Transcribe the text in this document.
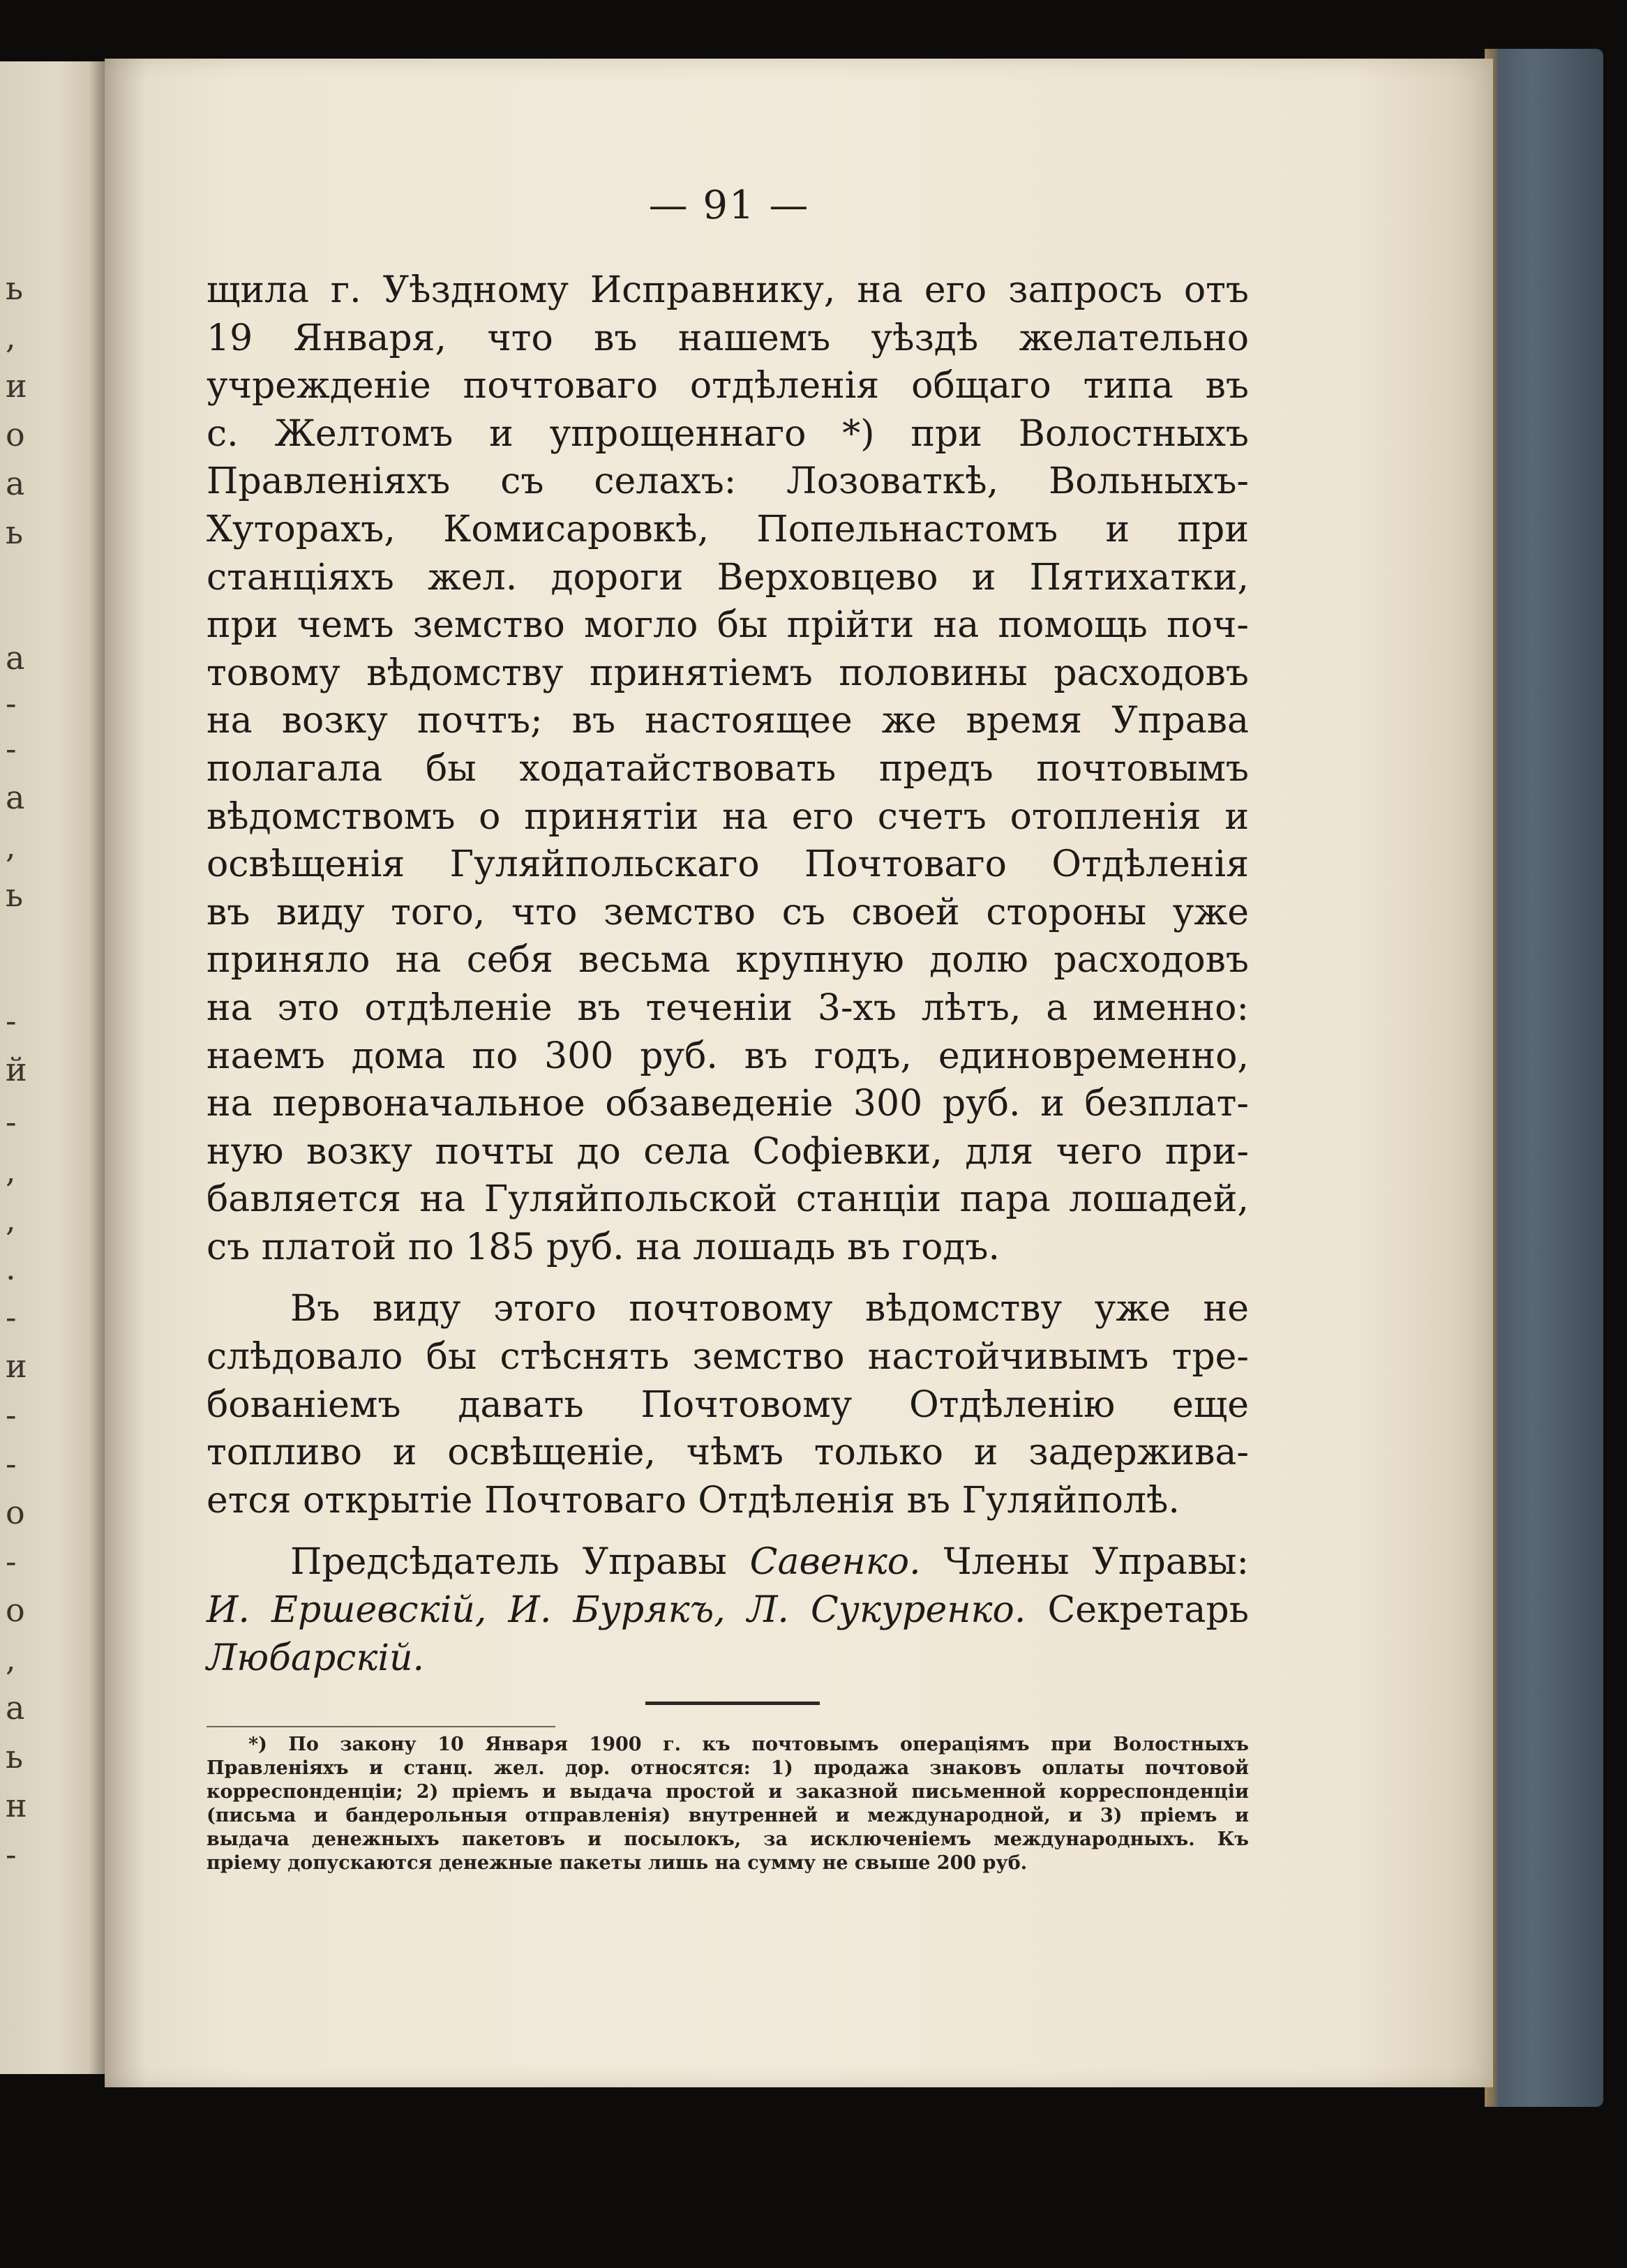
ь
,
и
о
а
ь
а
-
-
а
,
ь
-
й
-
,
,
.
-
и
-
-
о
-
о
,
а
ь
н
-
— 91 —
щила г. Уѣздному Исправнику, на его запросъ отъ
19 Января, что въ нашемъ уѣздѣ желательно
учрежденіе почтоваго отдѣленія общаго типа въ
с. Желтомъ и упрощеннаго *) при Волостныхъ
Правленіяхъ съ селахъ: Лозоваткѣ, Вольныхъ-
Хуторахъ, Комисаровкѣ, Попельнастомъ и при
станціяхъ жел. дороги Верховцево и Пятихатки,
при чемъ земство могло бы прійти на помощь поч-
товому вѣдомству принятіемъ половины расходовъ
на возку почтъ; въ настоящее же время Управа
полагала бы ходатайствовать предъ почтовымъ
вѣдомствомъ о принятіи на его счетъ отопленія и
освѣщенія Гуляйпольскаго Почтоваго Отдѣленія
въ виду того, что земство съ своей стороны уже
приняло на себя весьма крупную долю расходовъ
на это отдѣленіе въ теченіи 3-хъ лѣтъ, а именно:
наемъ дома по 300 руб. въ годъ, единовременно,
на первоначальное обзаведеніе 300 руб. и безплат-
ную возку почты до села Софіевки, для чего при-
бавляется на Гуляйпольской станціи пара лошадей,
съ платой по 185 руб. на лошадь въ годъ.
Въ виду этого почтовому вѣдомству уже не
слѣдовало бы стѣснять земство настойчивымъ тре-
бованіемъ давать Почтовому Отдѣленію еще
топливо и освѣщеніе, чѣмъ только и задержива-
ется открытіе Почтоваго Отдѣленія въ Гуляйполѣ.
Предсѣдатель Управы Савенко. Члены Управы:
И. Ершевскій, И. Бурякъ, Л. Сукуренко. Секретарь
Любарскій.
*) По закону 10 Января 1900 г. къ почтовымъ операціямъ при Волостныхъ
Правленіяхъ и станц. жел. дор. относятся: 1) продажа знаковъ оплаты почтовой
корреспонденціи; 2) пріемъ и выдача простой и заказной письменной корреспонденціи
(письма и бандерольныя отправленія) внутренней и международной, и 3) пріемъ и
выдача денежныхъ пакетовъ и посылокъ, за исключеніемъ международныхъ. Къ
пріему допускаются денежные пакеты лишь на сумму не свыше 200 руб.
